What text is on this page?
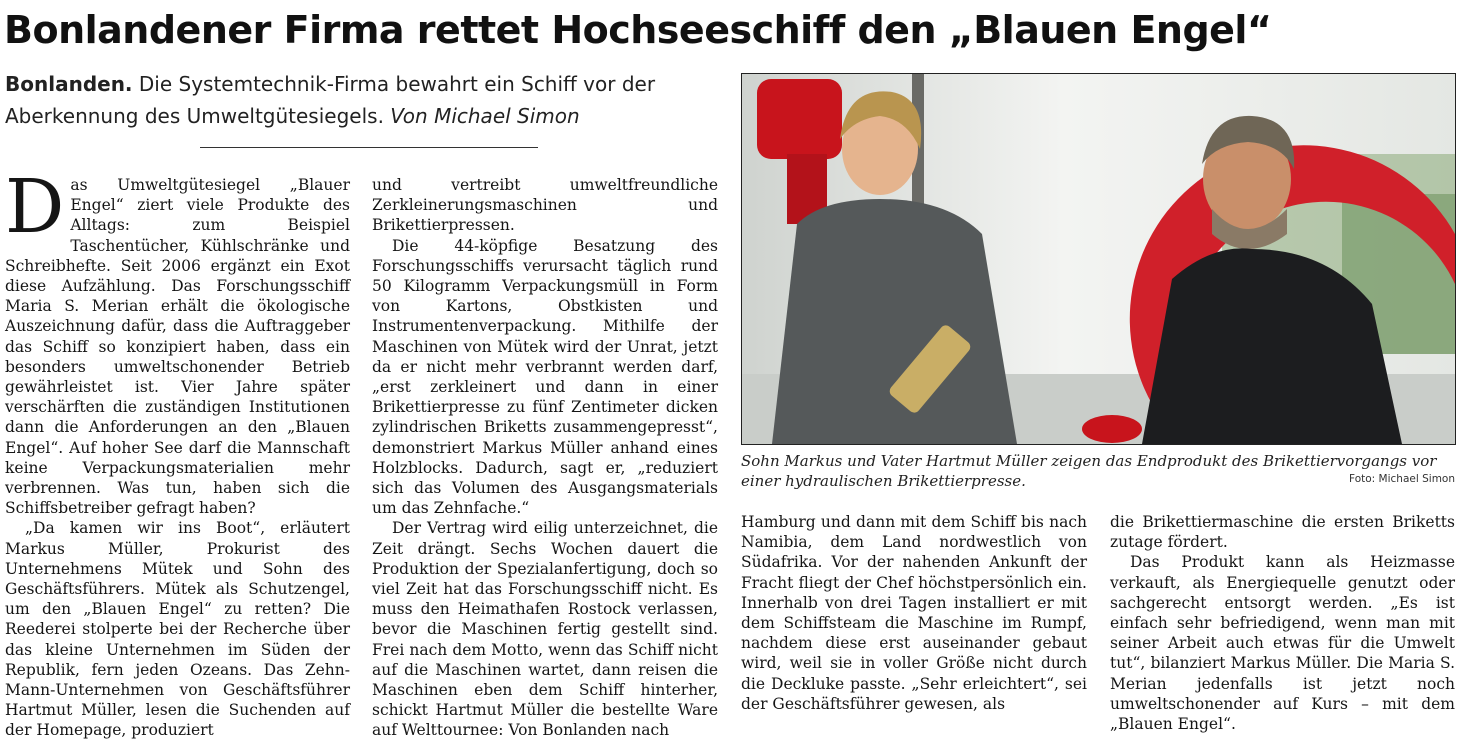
Bonlandener Firma rettet Hochseeschiff den „Blauen Engel“
Bonlanden. Die Systemtechnik-Firma bewahrt ein Schiff vor der Aberkennung des Umweltgütesiegels. Von Michael Simon

Das Umweltgütesiegel „Blauer Engel“ ziert viele Produkte des Alltags: zum Beispiel Taschentücher, Kühlschränke und Schreibhefte. Seit 2006 ergänzt ein Exot diese Aufzählung. Das Forschungsschiff Maria S. Merian erhält die ökologische Auszeichnung dafür, dass die Auftraggeber das Schiff so konzipiert haben, dass ein besonders umweltschonender Betrieb gewährleistet ist. Vier Jahre später verschärften die zuständigen Institutionen dann die Anforderungen an den „Blauen Engel“. Auf hoher See darf die Mannschaft keine Verpackungsmaterialien mehr verbrennen. Was tun, haben sich die Schiffsbetreiber gefragt haben?

„Da kamen wir ins Boot“, erläutert Markus Müller, Prokurist des Unternehmens Mütek und Sohn des Geschäftsführers. Mütek als Schutzengel, um den „Blauen Engel“ zu retten? Die Reederei stolperte bei der Recherche über das kleine Unternehmen im Süden der Republik, fern jeden Ozeans. Das Zehn-Mann-Unternehmen von Geschäftsführer Hartmut Müller, lesen die Suchenden auf der Homepage, produziert

und vertreibt umweltfreundliche Zerkleinerungsmaschinen und Brikettierpressen.

Die 44-köpfige Besatzung des Forschungsschiffs verursacht täglich rund 50 Kilogramm Verpackungsmüll in Form von Kartons, Obstkisten und Instrumentenverpackung. Mithilfe der Maschinen von Mütek wird der Unrat, jetzt da er nicht mehr verbrannt werden darf, „erst zerkleinert und dann in einer Brikettierpresse zu fünf Zentimeter dicken zylindrischen Briketts zusammengepresst“, demonstriert Markus Müller anhand eines Holzblocks. Dadurch, sagt er, „reduziert sich das Volumen des Ausgangsmaterials um das Zehnfache.“

Der Vertrag wird eilig unterzeichnet, die Zeit drängt. Sechs Wochen dauert die Produktion der Spezialanfertigung, doch so viel Zeit hat das Forschungsschiff nicht. Es muss den Heimathafen Rostock verlassen, bevor die Maschinen fertig gestellt sind. Frei nach dem Motto, wenn das Schiff nicht auf die Maschinen wartet, dann reisen die Maschinen eben dem Schiff hinterher, schickt Hartmut Müller die bestellte Ware auf Welttournee: Von Bonlanden nach

Sohn Markus und Vater Hartmut Müller zeigen das Endprodukt des Brikettiervorgangs vor einer hydraulischen Brikettierpresse.	Foto: Michael Simon

Hamburg und dann mit dem Schiff bis nach Namibia, dem Land nordwestlich von Südafrika. Vor der nahenden Ankunft der Fracht fliegt der Chef höchstpersönlich ein. Innerhalb von drei Tagen installiert er mit dem Schiffsteam die Maschine im Rumpf, nachdem diese erst auseinander gebaut wird, weil sie in voller Größe nicht durch die Deckluke passte. „Sehr erleichtert“, sei der Geschäftsführer gewesen, als

die Brikettiermaschine die ersten Briketts zutage fördert.

Das Produkt kann als Heizmasse verkauft, als Energiequelle genutzt oder sachgerecht entsorgt werden. „Es ist einfach sehr befriedigend, wenn man mit seiner Arbeit auch etwas für die Umwelt tut“, bilanziert Markus Müller. Die Maria S. Merian jedenfalls ist jetzt noch umweltschonender auf Kurs – mit dem „Blauen Engel“.
